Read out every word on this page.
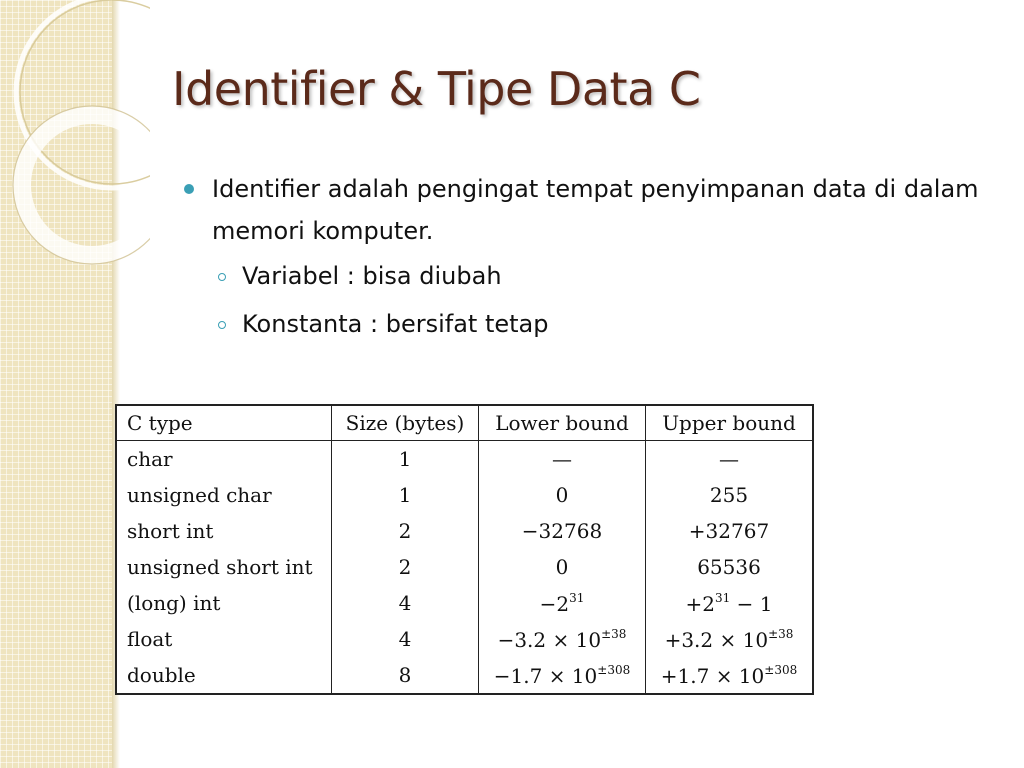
Identifier & Tipe Data C
Identifier adalah pengingat tempat penyimpanan data di dalam memori komputer.
Variabel : bisa diubah
Konstanta : bersifat tetap
C type	Size (bytes)	Lower bound	Upper bound
char	1	—	—
unsigned char	1	0	255
short int	2	−32768	+32767
unsigned short int	2	0	65536
(long) int	4	$-2^{31}$	$+2^{31} - 1$
float	4	$-3.2 \times 10^{\pm 38}$	$+3.2 \times 10^{\pm 38}$
double	8	$-1.7 \times 10^{\pm 308}$	$+1.7 \times 10^{\pm 308}$
